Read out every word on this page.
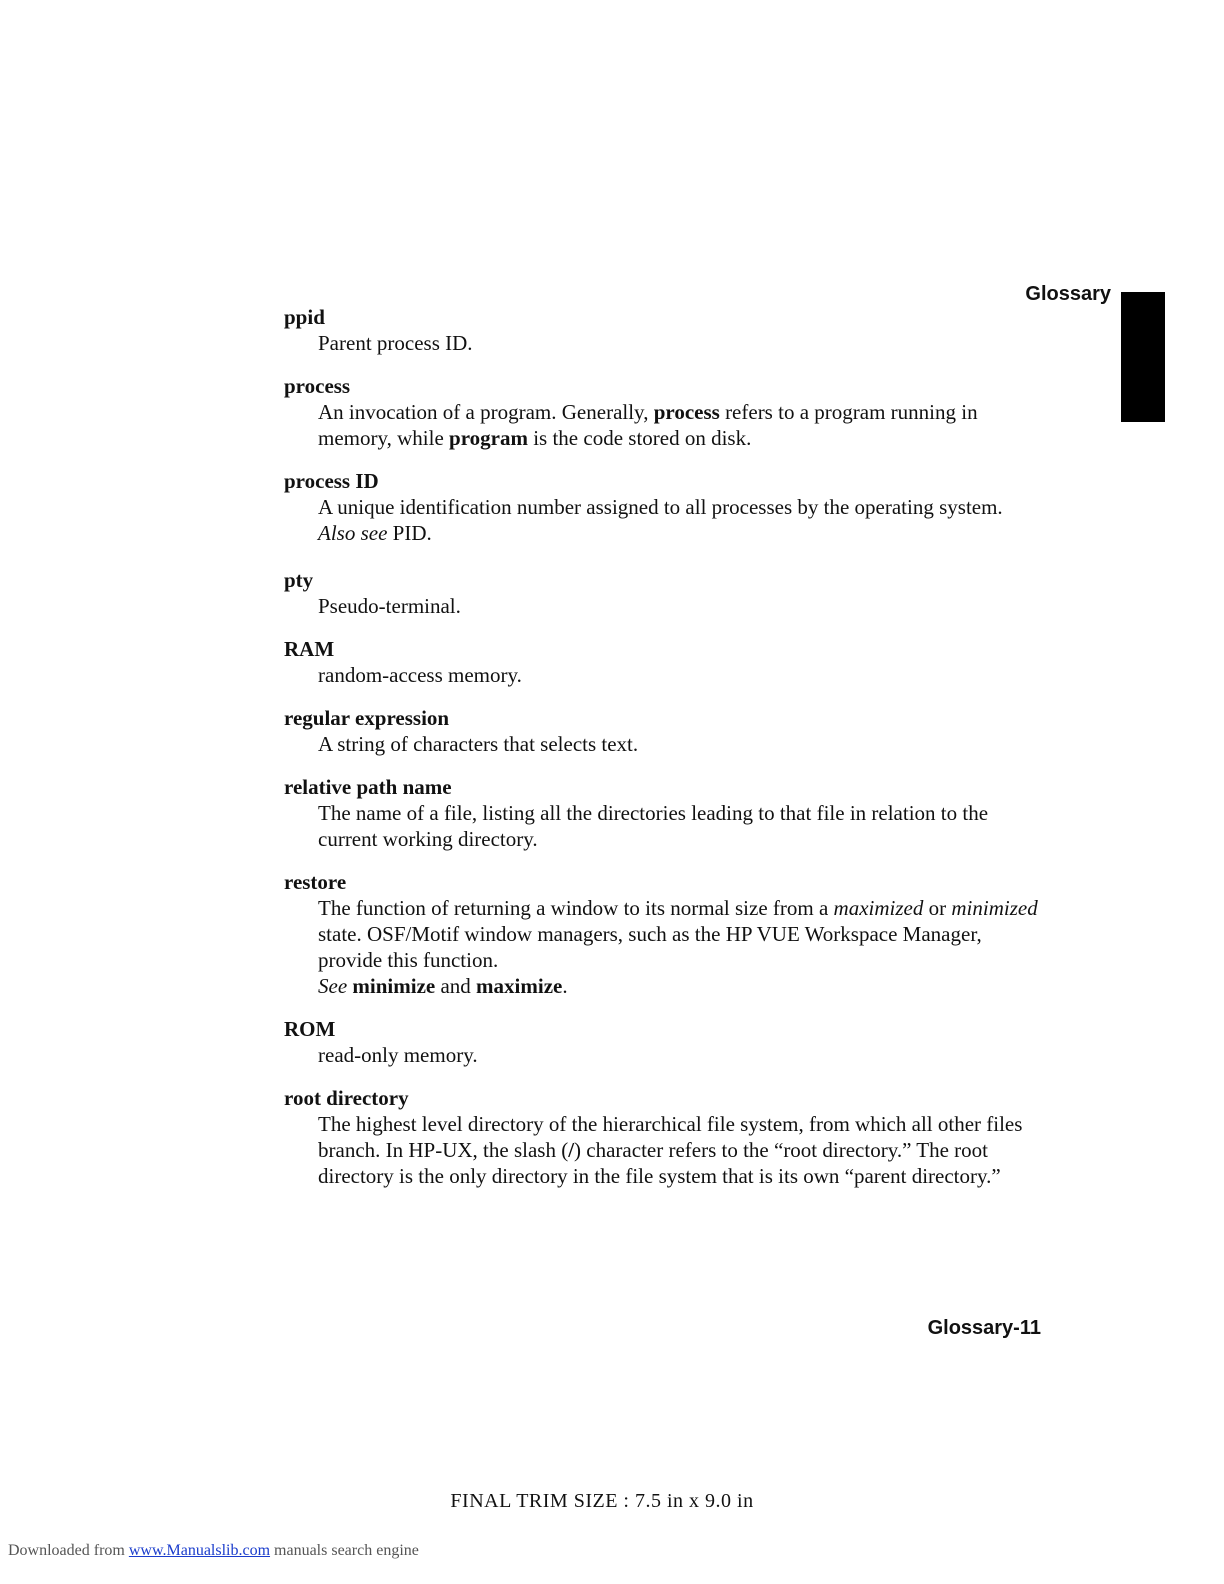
Glossary
ppid
Parent process ID.
process
An invocation of a program. Generally, process refers to a program running in memory, while program is the code stored on disk.
process ID
A unique identification number assigned to all processes by the operating system. Also see PID.
pty
Pseudo-terminal.
RAM
random-access memory.
regular expression
A string of characters that selects text.
relative path name
The name of a file, listing all the directories leading to that file in relation to the current working directory.
restore
The function of returning a window to its normal size from a maximized or minimized state. OSF/Motif window managers, such as the HP VUE Workspace Manager, provide this function.
See minimize and maximize.
ROM
read-only memory.
root directory
The highest level directory of the hierarchical file system, from which all other files branch. In HP-UX, the slash (/) character refers to the “root directory.” The root directory is the only directory in the file system that is its own “parent directory.”
Glossary-11
FINAL TRIM SIZE : 7.5 in x 9.0 in
Downloaded from www.Manualslib.com manuals search engine
